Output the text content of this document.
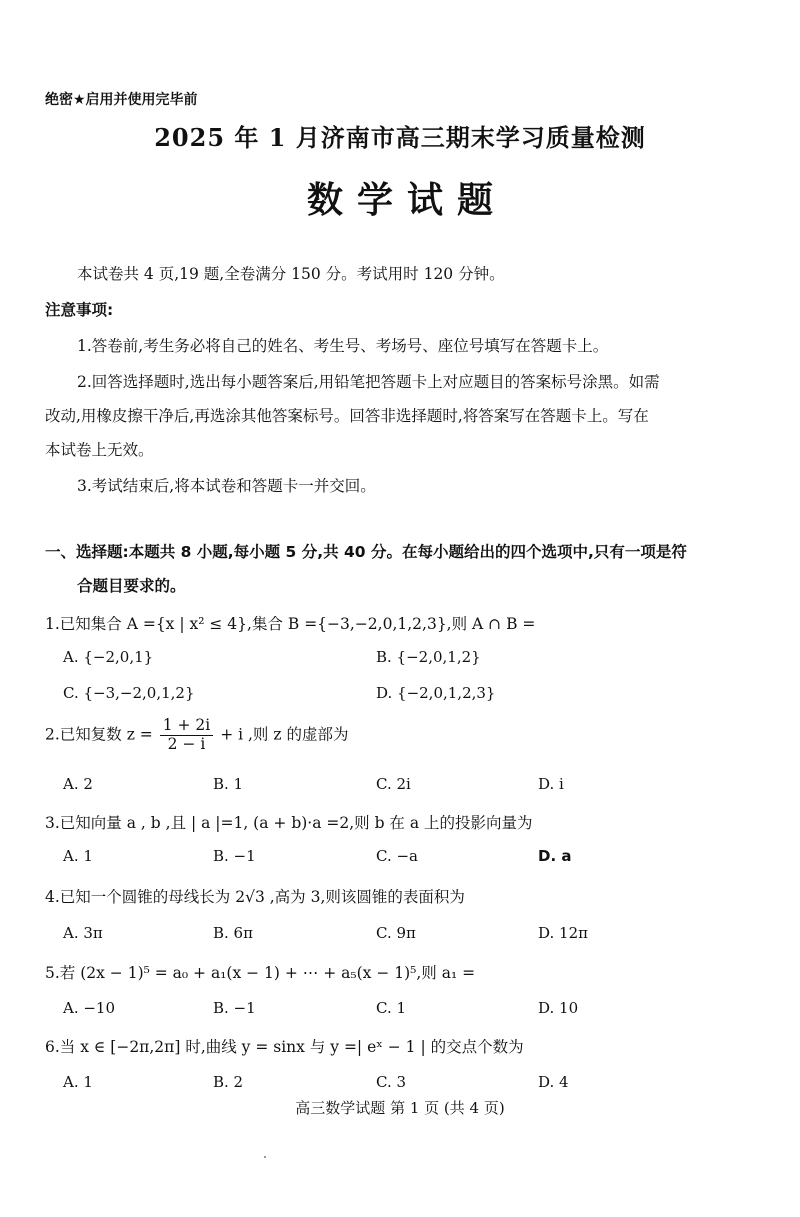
绝密★启用并使用完毕前
2025 年 1 月济南市高三期末学习质量检测
数学试题
本试卷共 4 页,19 题,全卷满分 150 分。考试用时 120 分钟。
注意事项:
1.答卷前,考生务必将自己的姓名、考生号、考场号、座位号填写在答题卡上。
2.回答选择题时,选出每小题答案后,用铅笔把答题卡上对应题目的答案标号涂黑。如需
改动,用橡皮擦干净后,再选涂其他答案标号。回答非选择题时,将答案写在答题卡上。写在
本试卷上无效。
3.考试结束后,将本试卷和答题卡一并交回。
一、选择题:本题共 8 小题,每小题 5 分,共 40 分。在每小题给出的四个选项中,只有一项是符
合题目要求的。
1.已知集合 A ={x | x² ≤ 4},集合 B ={−3,−2,0,1,2,3},则 A ∩ B =
A. {−2,0,1}	B. {−2,0,1,2}
C. {−3,−2,0,1,2}	D. {−2,0,1,2,3}
2.已知复数 $z = \frac{1 + 2i}{2 - i} + i$ ,则 z 的虚部为
A. 2	B. 1	C. 2i	D. i
3.已知向量 a , b ,且 | a |=1, (a + b)·a =2,则 b 在 a 上的投影向量为
A. 1	B. −1	C. −a	D. a
4.已知一个圆锥的母线长为 2√3 ,高为 3,则该圆锥的表面积为
A. 3π	B. 6π	C. 9π	D. 12π
5.若 (2x − 1)⁵ = a₀ + a₁(x − 1) + ⋯ + a₅(x − 1)⁵,则 a₁ =
A. −10	B. −1	C. 1	D. 10
6.当 x ∈ [−2π,2π] 时,曲线 y = sinx 与 y =| eˣ − 1 | 的交点个数为
A. 1	B. 2	C. 3	D. 4
高三数学试题 第 1 页 (共 4 页)
